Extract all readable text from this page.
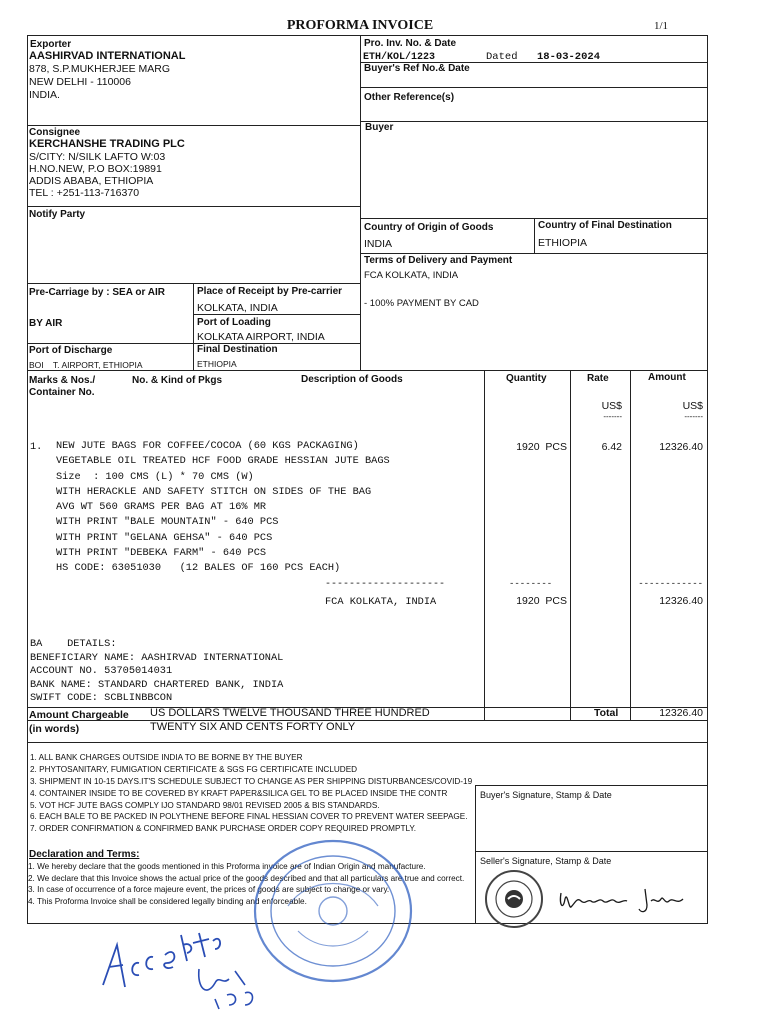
PROFORMA INVOICE	1/1
Exporter
AASHIRVAD INTERNATIONAL
878, S.P.MUKHERJEE MARG
NEW DELHI - 110006
INDIA.
Pro. Inv. No. & Date
ETH/KOL/1223	Dated 18-03-2024
Buyer's Ref No.& Date
Other Reference(s)
Buyer
Consignee
KERCHANSHE TRADING PLC
S/CITY: N/SILK LAFTO W:03
H.NO.NEW, P.O BOX:19891
ADDIS ABABA, ETHIOPIA
TEL : +251-113-716370
Notify Party
Country of Origin of Goods
INDIA
Country of Final Destination
ETHIOPIA
Terms of Delivery and Payment
FCA KOLKATA, INDIA
- 100% PAYMENT BY CAD
Pre-Carriage by : SEA or AIR
BY AIR
Place of Receipt by Pre-carrier
KOLKATA, INDIA
Port of Loading
KOLKATA AIRPORT, INDIA
Port of Discharge
BOI    T. AIRPORT, ETHIOPIA
Final Destination
ETHIOPIA
Marks & Nos./
Container No.
No. & Kind of Pkgs	Description of Goods	Quantity	Rate	Amount
US$	US$
-------	-------
1. NEW JUTE BAGS FOR COFFEE/COCOA (60 KGS PACKAGING)
VEGETABLE OIL TREATED HCF FOOD GRADE HESSIAN JUTE BAGS
Size  : 100 CMS (L) * 70 CMS (W)
WITH HERACKLE AND SAFETY STITCH ON SIDES OF THE BAG
AVG WT 560 GRAMS PER BAG AT 16% MR
WITH PRINT "BALE MOUNTAIN" - 640 PCS
WITH PRINT "GELANA GEHSA" - 640 PCS
WITH PRINT "DEBEKA FARM" - 640 PCS
HS CODE: 63051030   (12 BALES OF 160 PCS EACH)
1920  PCS	6.42	12326.40
--------------------	--------	------------
FCA KOLKATA, INDIA	1920  PCS	12326.40
BA    DETAILS:
BENEFICIARY NAME: AASHIRVAD INTERNATIONAL
ACCOUNT NO. 53705014031
BANK NAME: STANDARD CHARTERED BANK, INDIA
SWIFT CODE: SCBLINBBCON
Amount Chargeable
(in words)
US DOLLARS TWELVE THOUSAND THREE HUNDRED
TWENTY SIX AND CENTS FORTY ONLY
Total	12326.40
1. ALL BANK CHARGES OUTSIDE INDIA TO BE BORNE BY THE BUYER
2. PHYTOSANITARY, FUMIGATION CERTIFICATE & SGS FG CERTIFICATE INCLUDED
3. SHIPMENT IN 10-15 DAYS.IT'S SCHEDULE SUBJECT TO CHANGE AS PER SHIPPING DISTURBANCES/COVID-19
4. CONTAINER INSIDE TO BE COVERED BY KRAFT PAPER&SILICA GEL TO BE PLACED INSIDE THE CONTR
5. VOT HCF JUTE BAGS COMPLY IJO STANDARD 98/01 REVISED 2005 & BIS STANDARDS.
6. EACH BALE TO BE PACKED IN POLYTHENE BEFORE FINAL HESSIAN COVER TO PREVENT WATER SEEPAGE.
7. ORDER CONFIRMATION & CONFIRMED BANK PURCHASE ORDER COPY REQUIRED PROMPTLY.
Declaration and Terms:
1. We hereby declare that the goods mentioned in this Proforma invoice are of Indian Origin and manufacture.
2. We declare that this Invoice shows the actual price of the goods described and that all particulars are true and correct.
3. In case of occurrence of a force majeure event, the prices of goods are subject to change or vary.
4. This Proforma Invoice shall be considered legally binding and enforceable.
Buyer's Signature, Stamp & Date
Seller's Signature, Stamp & Date
